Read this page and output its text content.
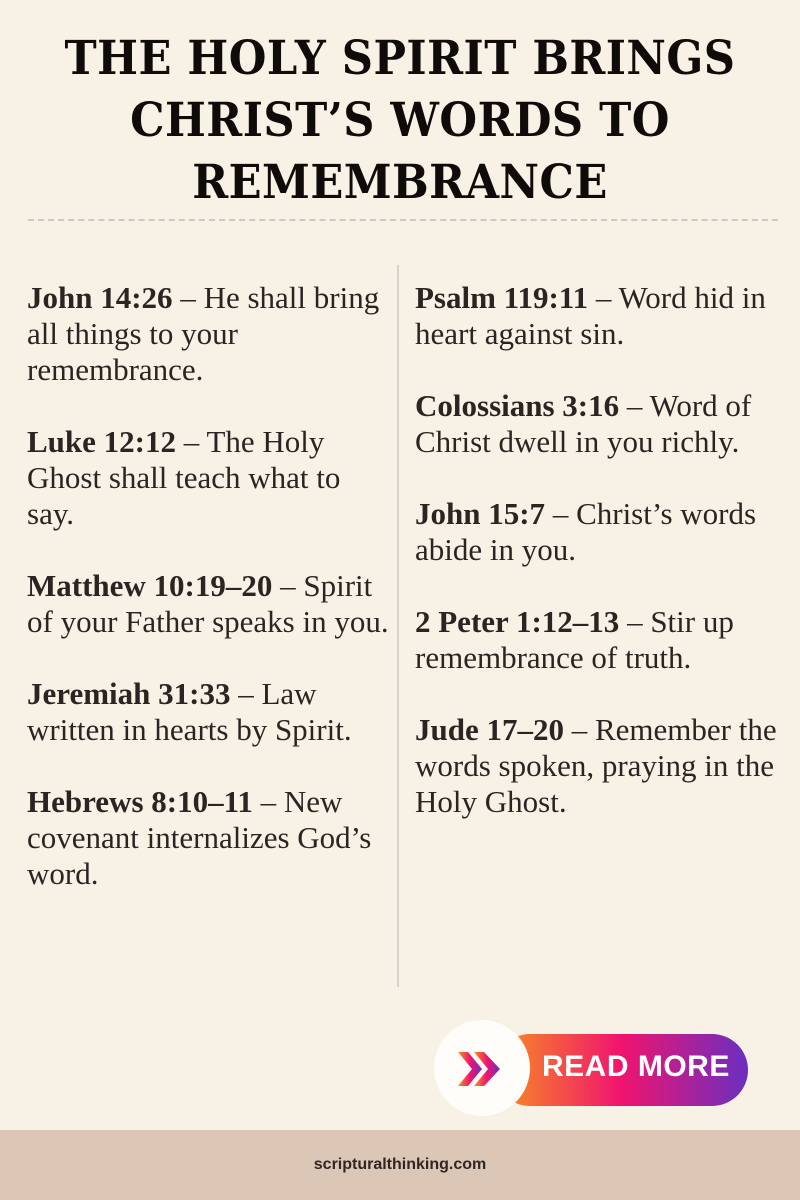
THE HOLY SPIRIT BRINGS CHRIST’S WORDS TO REMEMBRANCE

John 14:26 – He shall bring all things to your remembrance.

Luke 12:12 – The Holy Ghost shall teach what to say.

Matthew 10:19–20 – Spirit of your Father speaks in you.

Jeremiah 31:33 – Law written in hearts by Spirit.

Hebrews 8:10–11 – New covenant internalizes God’s word.

Psalm 119:11 – Word hid in heart against sin.

Colossians 3:16 – Word of Christ dwell in you richly.

John 15:7 – Christ’s words abide in you.

2 Peter 1:12–13 – Stir up remembrance of truth.

Jude 17–20 – Remember the words spoken, praying in the Holy Ghost.

READ MORE
scripturalthinking.com
